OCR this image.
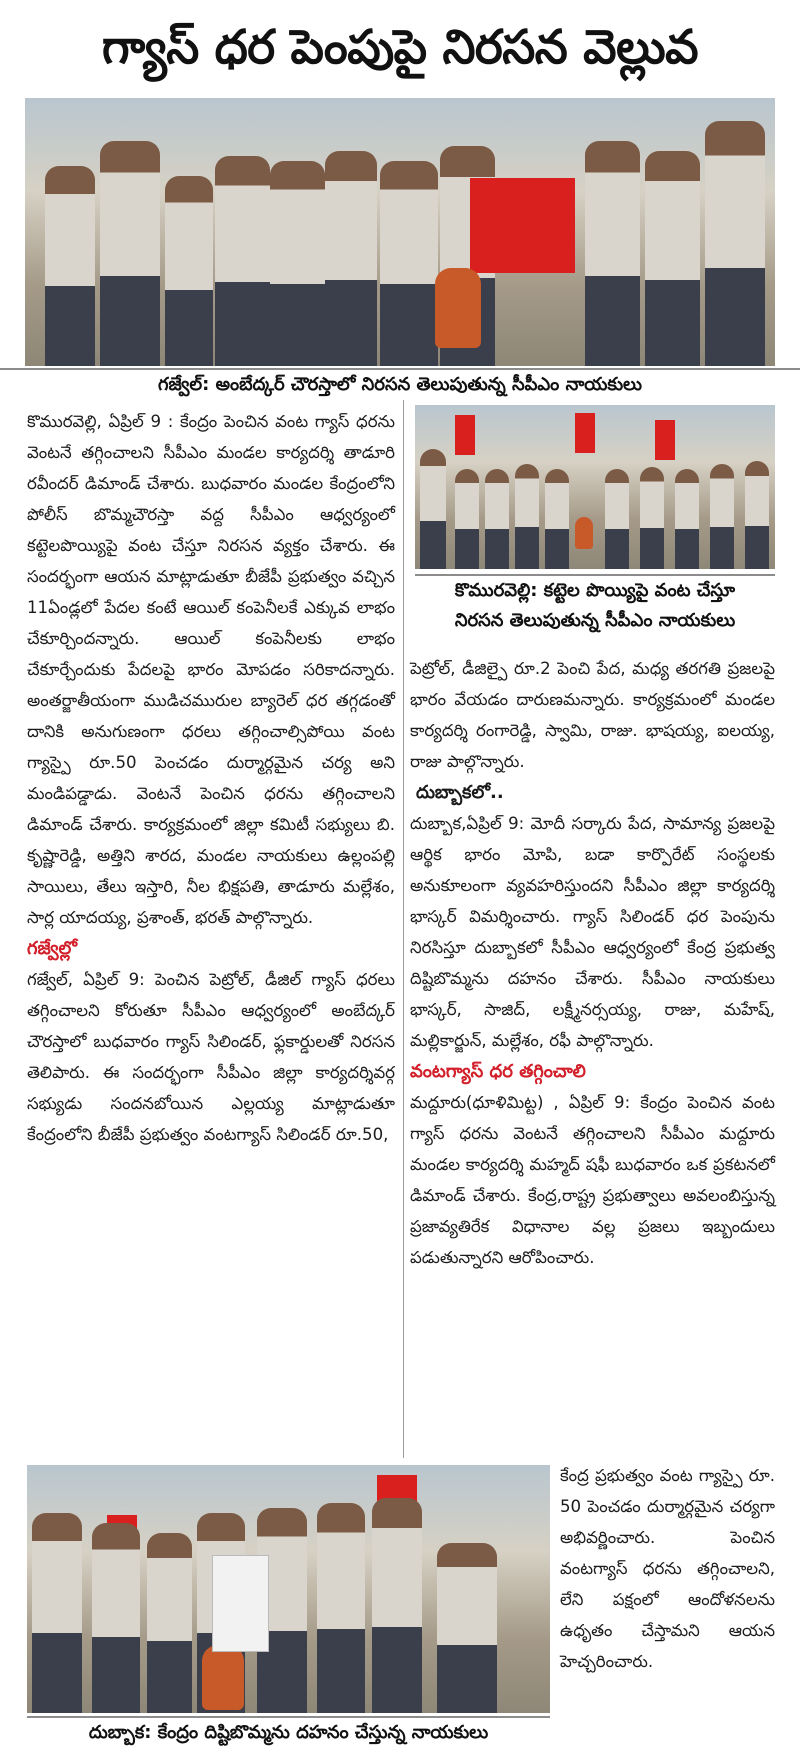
గ్యాస్ ధర పెంపుపై నిరసన వెల్లువ
గజ్వేల్: అంబేద్కర్ చౌరస్తాలో నిరసన తెలుపుతున్న సీపీఎం నాయకులు
కొమురవెల్లి: కట్టెల పొయ్యిపై వంట చేస్తూ
నిరసన తెలుపుతున్న సీపీఎం నాయకులు
కొమురవెల్లి, ఏప్రిల్ 9 : కేంద్రం పెంచిన వంట గ్యాస్ ధరను వెంటనే తగ్గించాలని సీపీఎం మండల కార్యదర్శి తాడూరి రవీందర్ డిమాండ్ చేశారు. బుధవారం మండల కేంద్రంలోని పోలీస్ బొమ్మచౌరస్తా వద్ద సీపీఎం ఆధ్వర్యంలో కట్టెలపొయ్యిపై వంట చేస్తూ నిరసన వ్యక్తం చేశారు. ఈ సందర్భంగా ఆయన మాట్లాడుతూ బీజేపీ ప్రభుత్వం వచ్చిన 11ఏండ్లలో పేదల కంటే ఆయిల్ కంపెనీలకే ఎక్కువ లాభం చేకూర్చిందన్నారు. ఆయిల్ కంపెనీలకు లాభం చేకూర్చేందుకు పేదలపై భారం మోపడం సరికాదన్నారు. అంతర్జాతీయంగా ముడిచమురుల బ్యారెల్ ధర తగ్గడంతో దానికి అనుగుణంగా ధరలు తగ్గించాల్సిపోయి వంట గ్యాస్పై రూ.50 పెంచడం దుర్మార్గమైన చర్య అని మండిపడ్డాడు. వెంటనే పెంచిన ధరను తగ్గించాలని డిమాండ్ చేశారు. కార్యక్రమంలో జిల్లా కమిటీ సభ్యులు బి. కృష్ణారెడ్డి, అత్తిని శారద, మండల నాయకులు ఉల్లంపల్లి సాయిలు, తేలు ఇస్తారి, నీల భిక్షపతి, తాడూరు మల్లేశం, సార్ల యాదయ్య, ప్రశాంత్, భరత్ పాల్గొన్నారు.
గజ్వేల్లో
గజ్వేల్, ఏప్రిల్ 9: పెంచిన పెట్రోల్, డీజిల్ గ్యాస్ ధరలు తగ్గించాలని కోరుతూ సీపీఎం ఆధ్వర్యంలో అంబేద్కర్ చౌరస్తాలో బుధవారం గ్యాస్ సిలిండర్, ఫ్లకార్డులతో నిరసన తెలిపారు. ఈ సందర్భంగా సీపీఎం జిల్లా కార్యదర్శివర్గ సభ్యుడు సందనబోయిన ఎల్లయ్య మాట్లాడుతూ కేంద్రంలోని బీజేపీ ప్రభుత్వం వంటగ్యాస్ సిలిండర్ రూ.50,
పెట్రోల్, డీజిల్పై రూ.2 పెంచి పేద, మధ్య తరగతి ప్రజలపై భారం వేయడం దారుణమన్నారు. కార్యక్రమంలో మండల కార్యదర్శి రంగారెడ్డి, స్వామి, రాజు. భాషయ్య, ఐలయ్య, రాజు పాల్గొన్నారు.
దుబ్బాకలో..
దుబ్బాక,ఏప్రిల్ 9: మోదీ సర్కారు పేద, సామాన్య ప్రజలపై ఆర్థిక భారం మోపి, బడా కార్పొరేట్ సంస్థలకు అనుకూలంగా వ్యవహరిస్తుందని సీపీఎం జిల్లా కార్యదర్శి భాస్కర్ విమర్శించారు. గ్యాస్ సిలిండర్ ధర పెంపును నిరసిస్తూ దుబ్బాకలో సీపీఎం ఆధ్వర్యంలో కేంద్ర ప్రభుత్వ దిష్టిబొమ్మను దహనం చేశారు. సీపీఎం నాయకులు భాస్కర్, సాజిద్, లక్ష్మీనర్సయ్య, రాజు, మహేష్, మల్లికార్జున్, మల్లేశం, రఫీ పాల్గొన్నారు.
వంటగ్యాస్ ధర తగ్గించాలి
మద్దూరు(ధూళిమిట్ట) , ఏప్రిల్ 9: కేంద్రం పెంచిన వంట గ్యాస్ ధరను వెంటనే తగ్గించాలని సీపీఎం మద్దూరు మండల కార్యదర్శి మహ్మద్ షఫీ బుధవారం ఒక ప్రకటనలో డిమాండ్ చేశారు. కేంద్ర,రాష్ట్ర ప్రభుత్వాలు అవలంబిస్తున్న ప్రజావ్యతిరేక విధానాల వల్ల ప్రజలు ఇబ్బందులు పడుతున్నారని ఆరోపించారు.
కేంద్ర ప్రభుత్వం వంట గ్యాస్పై రూ. 50 పెంచడం దుర్మార్గమైన చర్యగా అభివర్ణించారు. పెంచిన వంటగ్యాస్ ధరను తగ్గించాలని, లేని పక్షంలో ఆందోళనలను ఉధృతం చేస్తామని ఆయన హెచ్చరించారు.
దుబ్బాక: కేంద్రం దిష్టిబొమ్మను దహనం చేస్తున్న నాయకులు
